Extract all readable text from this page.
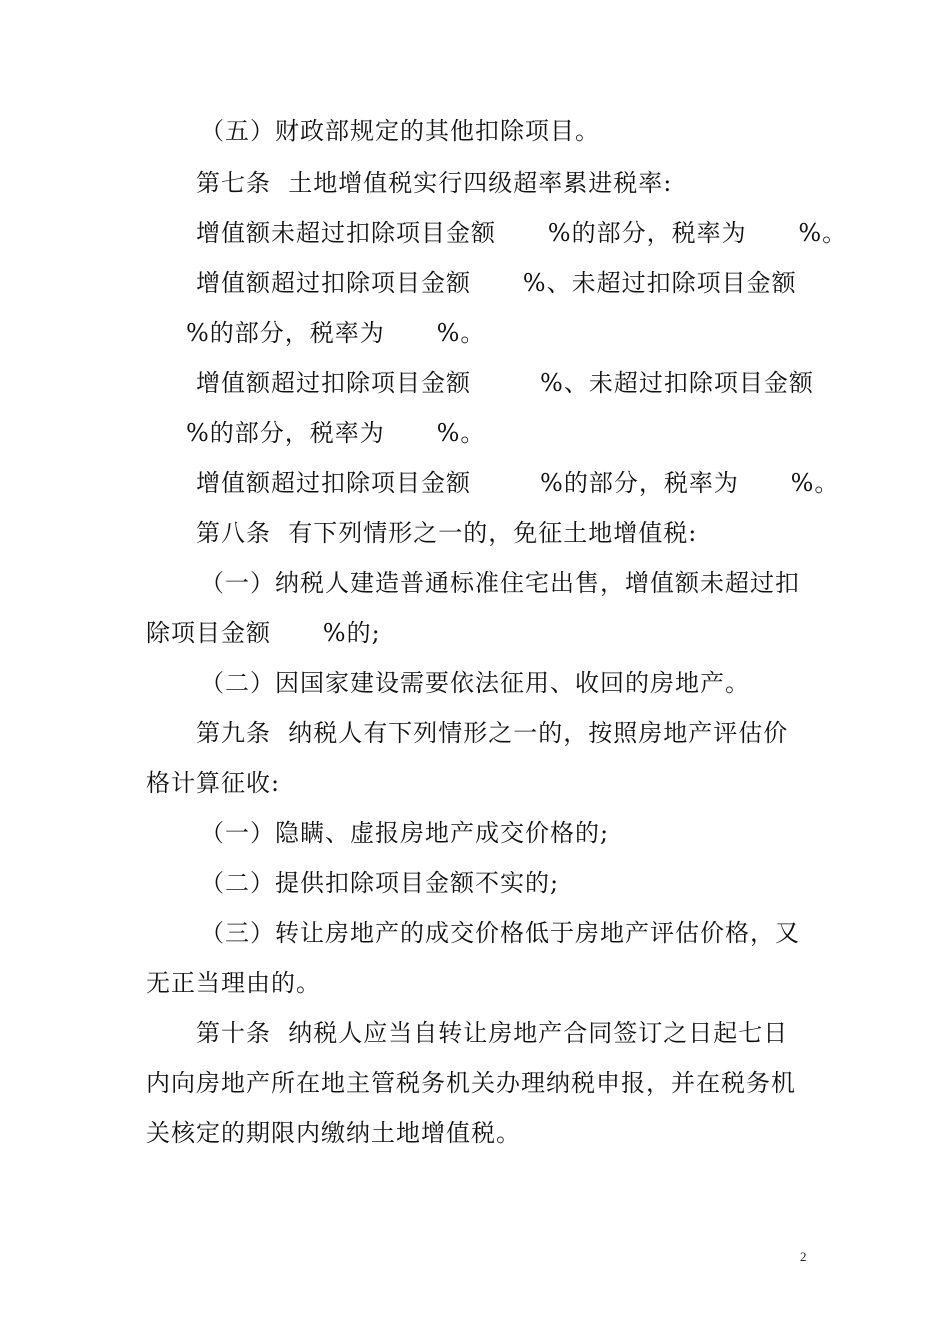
（五）财政部规定的其他扣除项目。
第七条  土地增值税实行四级超率累进税率:
增值额未超过扣除项目金额      %的部分，税率为      %。
增值额超过扣除项目金额      %、未超过扣除项目金额
%的部分，税率为      %。
增值额超过扣除项目金额        %、未超过扣除项目金额
%的部分，税率为      %。
增值额超过扣除项目金额        %的部分，税率为      %。
第八条  有下列情形之一的，免征土地增值税:
（一）纳税人建造普通标准住宅出售，增值额未超过扣
除项目金额      %的;
（二）因国家建设需要依法征用、收回的房地产。
第九条  纳税人有下列情形之一的，按照房地产评估价
格计算征收:
（一）隐瞒、虚报房地产成交价格的;
（二）提供扣除项目金额不实的;
（三）转让房地产的成交价格低于房地产评估价格，又
无正当理由的。
第十条  纳税人应当自转让房地产合同签订之日起七日
内向房地产所在地主管税务机关办理纳税申报，并在税务机
关核定的期限内缴纳土地增值税。
2
